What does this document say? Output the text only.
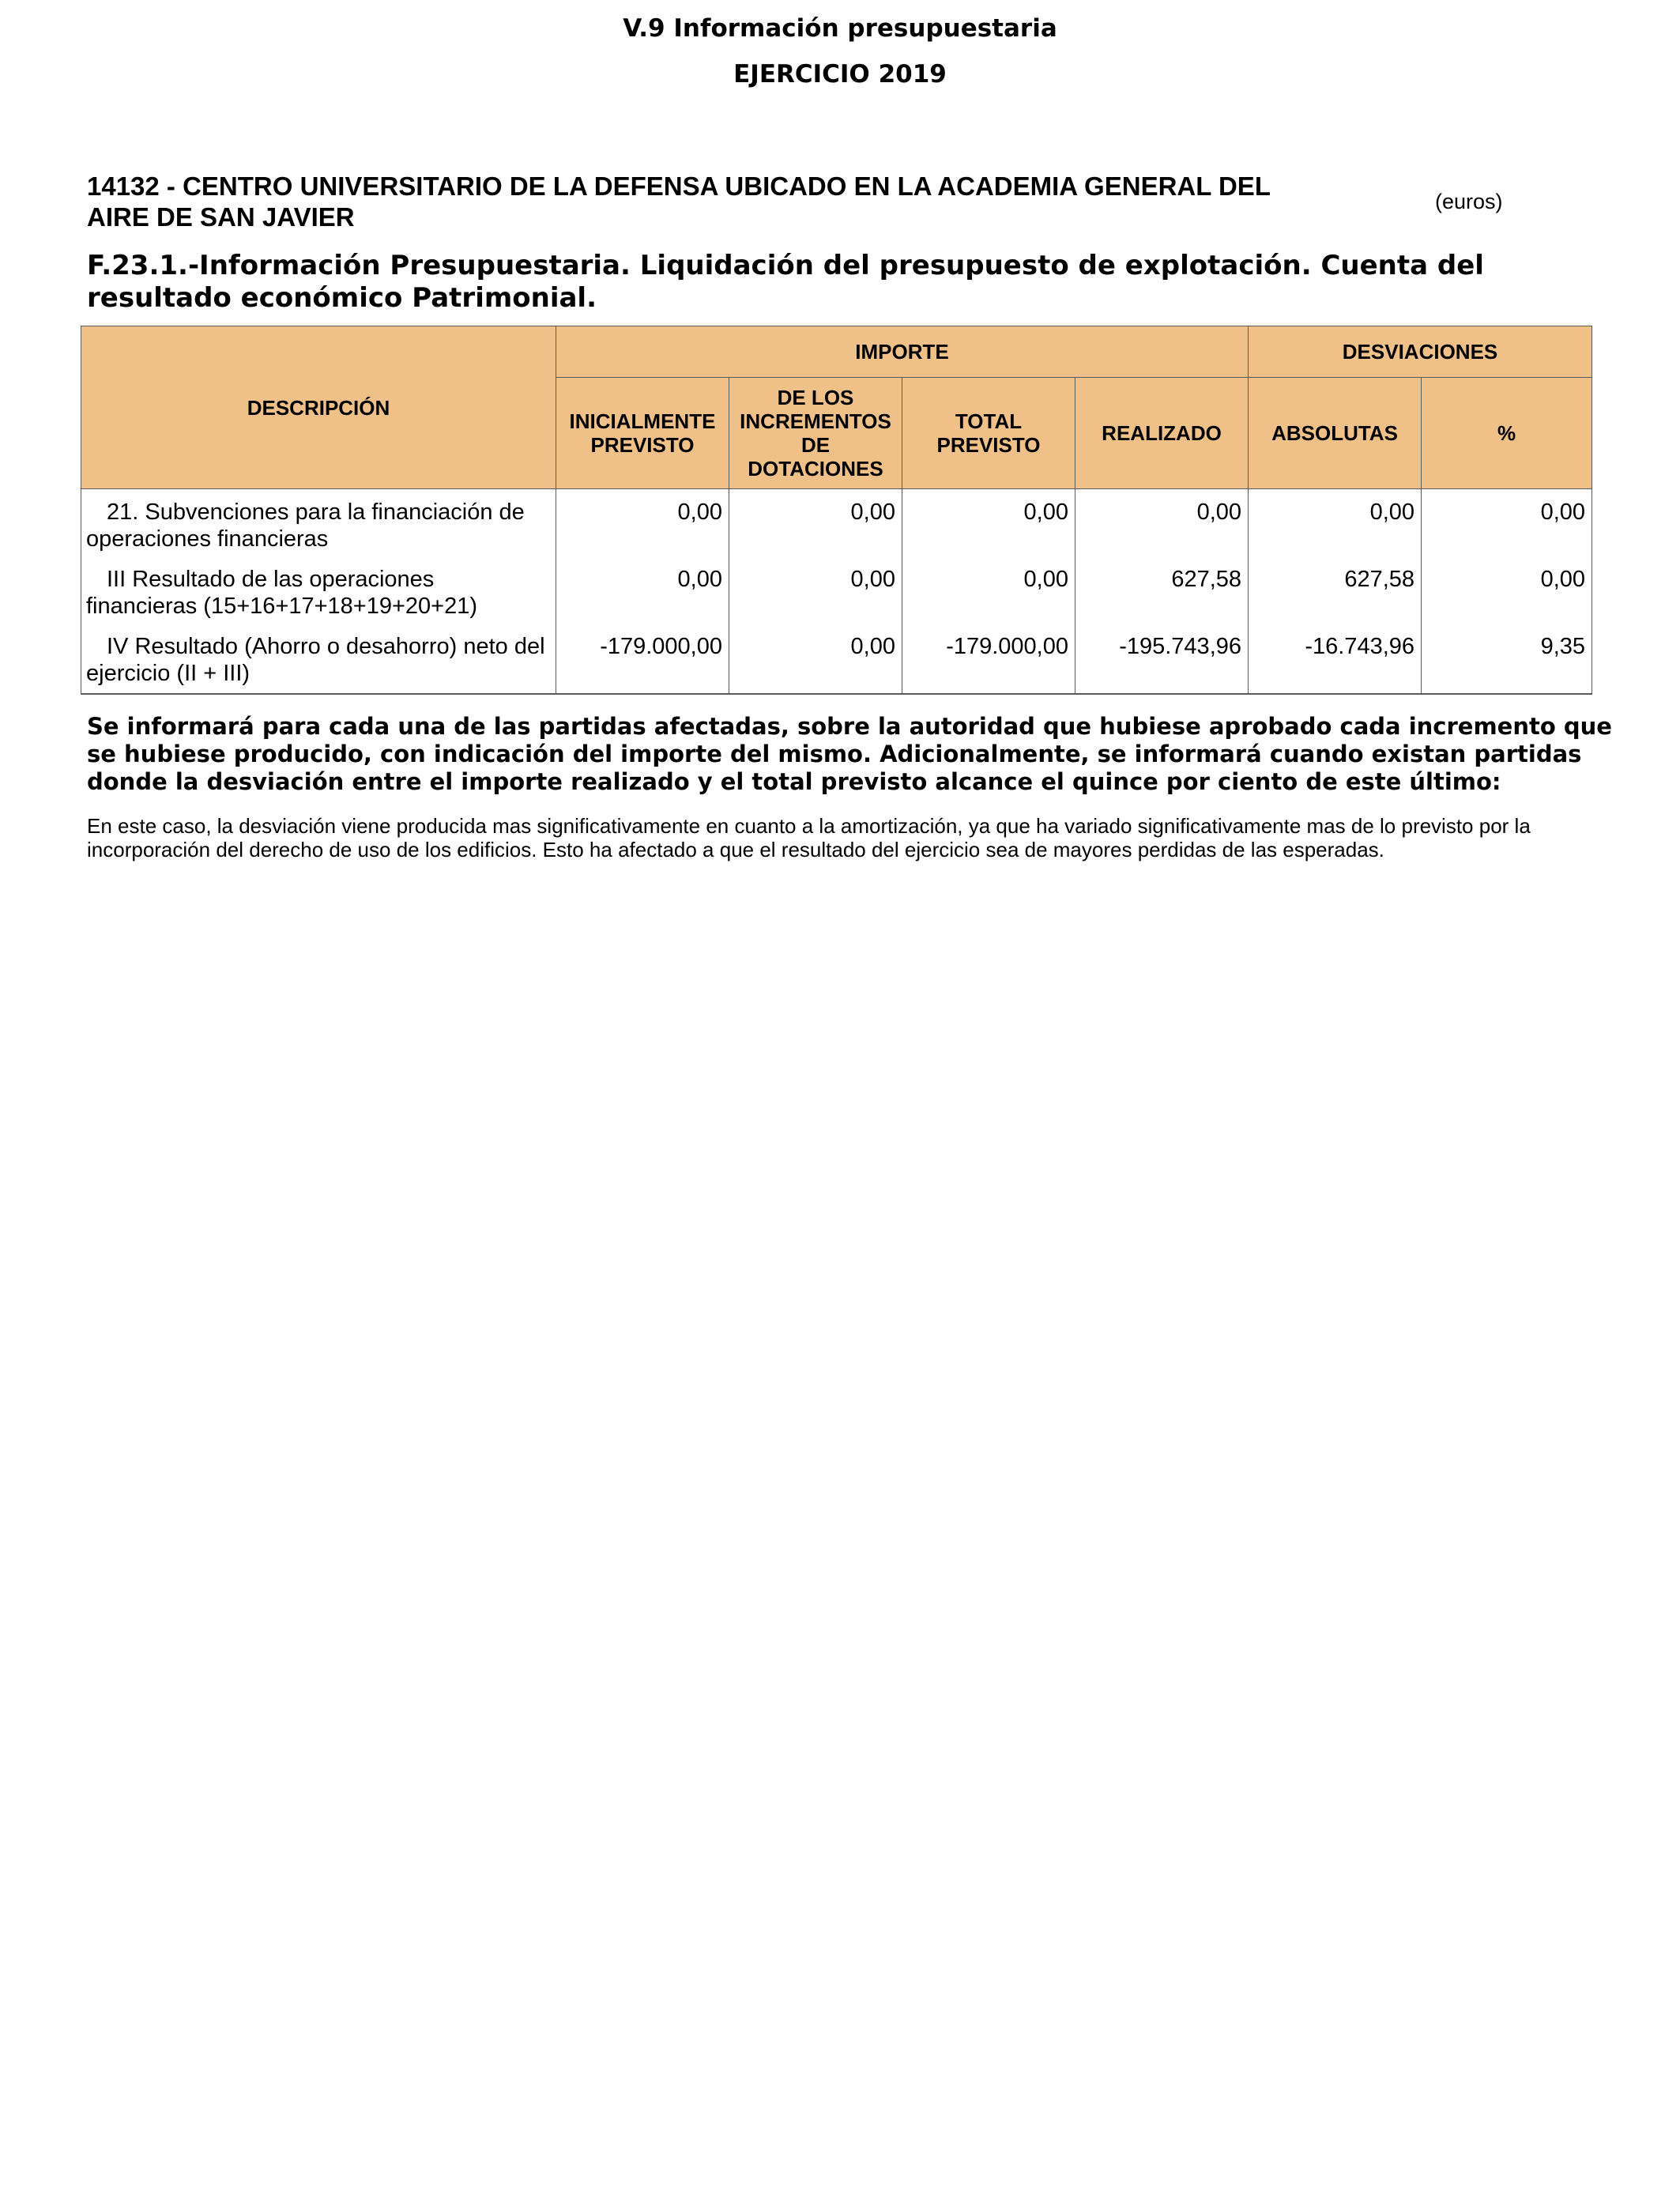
V.9 Información presupuestaria
EJERCICIO 2019
14132 - CENTRO UNIVERSITARIO DE LA DEFENSA UBICADO EN LA ACADEMIA GENERAL DEL AIRE DE SAN JAVIER
(euros)
F.23.1.-Información Presupuestaria. Liquidación del presupuesto de explotación. Cuenta del resultado económico Patrimonial.
DESCRIPCIÓN	IMPORTE				DESVIACIONES	
	INICIALMENTE PREVISTO	DE LOS INCREMENTOS DE DOTACIONES	TOTAL PREVISTO	REALIZADO	ABSOLUTAS	%
21. Subvenciones para la financiación de operaciones financieras	0,00	0,00	0,00	0,00	0,00	0,00
III Resultado de las operaciones financieras (15+16+17+18+19+20+21)	0,00	0,00	0,00	627,58	627,58	0,00
IV Resultado (Ahorro o desahorro) neto del ejercicio (II + III)	-179.000,00	0,00	-179.000,00	-195.743,96	-16.743,96	9,35
Se informará para cada una de las partidas afectadas, sobre la autoridad que hubiese aprobado cada incremento que se hubiese producido, con indicación del importe del mismo. Adicionalmente, se informará cuando existan partidas donde la desviación entre el importe realizado y el total previsto alcance el quince por ciento de este último:
En este caso, la desviación viene producida mas significativamente en cuanto a la amortización, ya que ha variado significativamente mas de lo previsto por la incorporación del derecho de uso de los edificios. Esto ha afectado a que el resultado del ejercicio sea de mayores perdidas de las esperadas.
